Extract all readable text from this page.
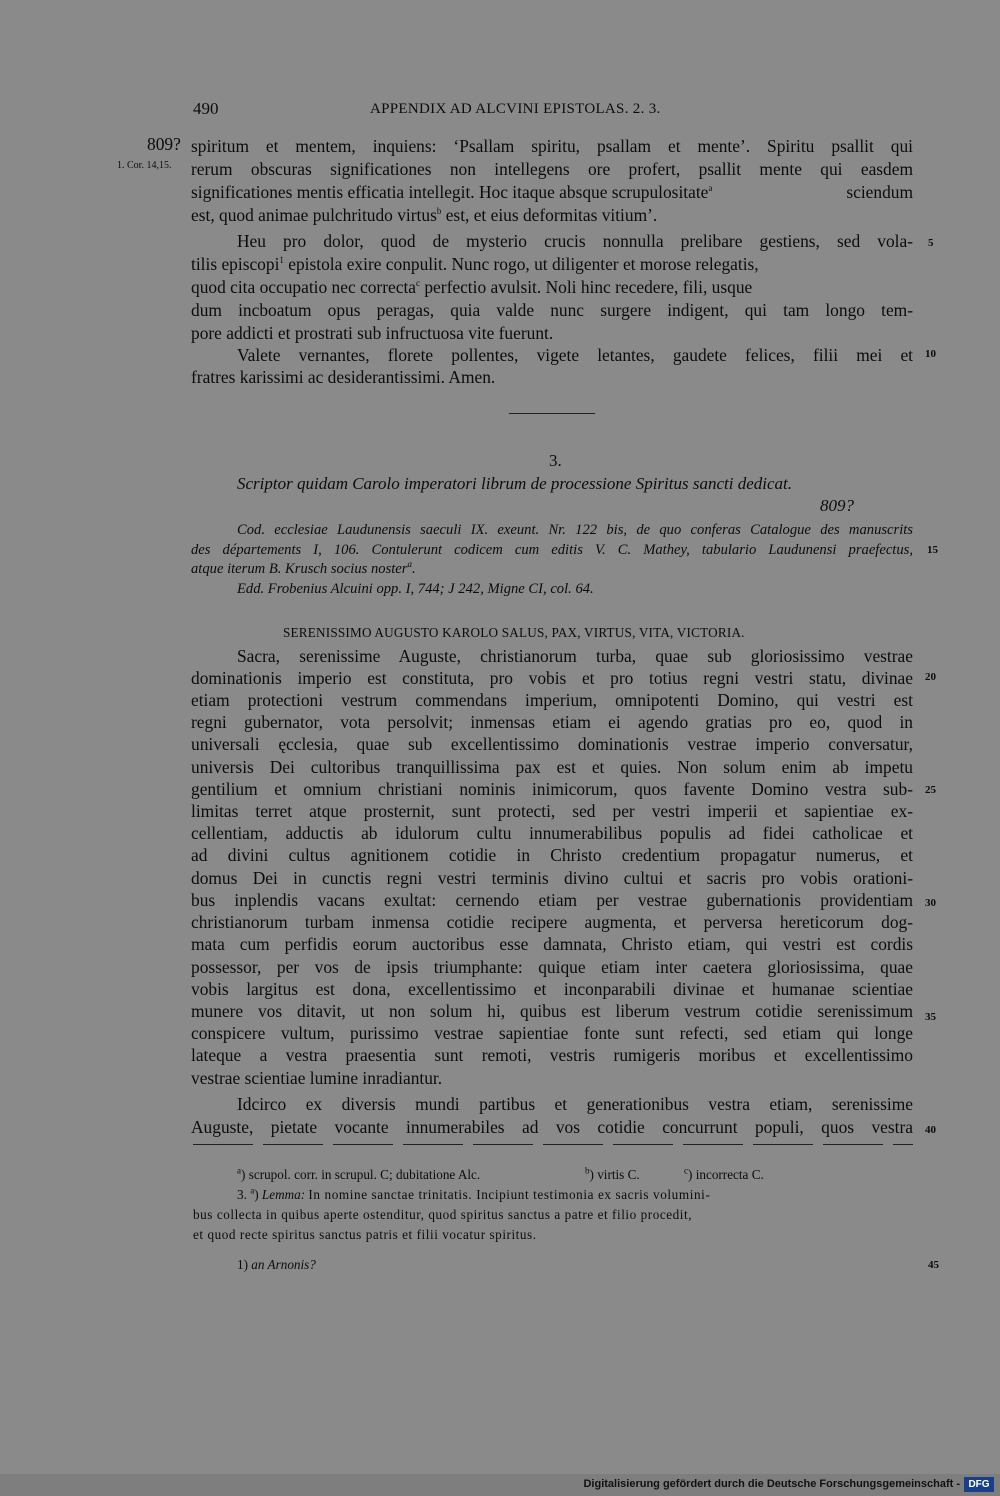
490	APPENDIX AD ALCVINI EPISTOLAS. 2. 3.
809?
1. Cor. 14,15.
spiritum et mentem, inquiens: ‘Psallam spiritu, psallam et mente’. Spiritu psallit qui
rerum obscuras significationes non intellegens ore profert, psallit mente qui easdem
significationes mentis efficatia intellegit. Hoc itaque absque scrupulositate$^a$	sciendum
est, quod animae pulchritudo virtus$^b$ est, et eius deformitas vitium’.
Heu pro dolor, quod de mysterio crucis nonnulla prelibare gestiens, sed vola-
tilis episcopi$^1$ epistola exire conpulit. Nunc rogo, ut diligenter et morose relegatis,
quod cita occupatio nec correcta$^c$ perfectio avulsit. Noli hinc recedere, fili, usque
dum incboatum opus peragas, quia valde nunc surgere indigent, qui tam longo tem-
pore addicti et prostrati sub infructuosa vite fuerunt.
Valete vernantes, florete pollentes, vigete letantes, gaudete felices, filii mei et
fratres karissimi ac desiderantissimi. Amen.
5
10
3.
Scriptor quidam Carolo imperatori librum de processione Spiritus sancti dedicat.
809?
Cod. ecclesiae Laudunensis saeculi IX. exeunt. Nr. 122 bis, de quo conferas Catalogue des manuscrits
des départements I, 106. Contulerunt codicem cum editis V. C. Mathey, tabulario Laudunensi praefectus,
atque iterum B. Krusch socius noster$^a$.
Edd. Frobenius Alcuini opp. I, 744; J 242, Migne CI, col. 64.
15
SERENISSIMO AUGUSTO KAROLO SALUS, PAX, VIRTUS, VITA, VICTORIA.
Sacra, serenissime Auguste, christianorum turba, quae sub gloriosissimo vestrae
dominationis imperio est constituta, pro vobis et pro totius regni vestri statu, divinae
etiam protectioni vestrum commendans imperium, omnipotenti Domino, qui vestri est
regni gubernator, vota persolvit; inmensas etiam ei agendo gratias pro eo, quod in
universali ęcclesia, quae sub excellentissimo dominationis vestrae imperio conversatur,
universis Dei cultoribus tranquillissima pax est et quies. Non solum enim ab impetu
gentilium et omnium christiani nominis inimicorum, quos favente Domino vestra sub-
limitas terret atque prosternit, sunt protecti, sed per vestri imperii et sapientiae ex-
cellentiam, adductis ab idulorum cultu innumerabilibus populis ad fidei catholicae et
ad divini cultus agnitionem cotidie in Christo credentium propagatur numerus, et
domus Dei in cunctis regni vestri terminis divino cultui et sacris pro vobis orationi-
bus inplendis vacans exultat: cernendo etiam per vestrae gubernationis providentiam
christianorum turbam inmensa cotidie recipere augmenta, et perversa hereticorum dog-
mata cum perfidis eorum auctoribus esse damnata, Christo etiam, qui vestri est cordis
possessor, per vos de ipsis triumphante: quique etiam inter caetera gloriosissima, quae
vobis largitus est dona, excellentissimo et inconparabili divinae et humanae scientiae
munere vos ditavit, ut non solum hi, quibus est liberum vestrum cotidie serenissimum
conspicere vultum, purissimo vestrae sapientiae fonte sunt refecti, sed etiam qui longe
lateque a vestra praesentia sunt remoti, vestris rumigeris moribus et excellentissimo
vestrae scientiae lumine inradiantur.
Idcirco ex diversis mundi partibus et generationibus vestra etiam, serenissime
Auguste, pietate vocante innumerabiles ad vos cotidie concurrunt populi, quos vestra
20
25
30
35
40
$^a$) scrupol. corr. in scrupul. C; dubitatione Alc.	$^b$) virtis C.	$^c$) incorrecta C.
3. $^a$) Lemma: In nomine sanctae trinitatis. Incipiunt testimonia ex sacris volumini-
bus collecta in quibus aperte ostenditur, quod spiritus sanctus a patre et filio procedit,
et quod recte spiritus sanctus patris et filii vocatur spiritus.
1) an Arnonis?	45
Digitalisierung gefördert durch die Deutsche Forschungsgemeinschaft - DFG
